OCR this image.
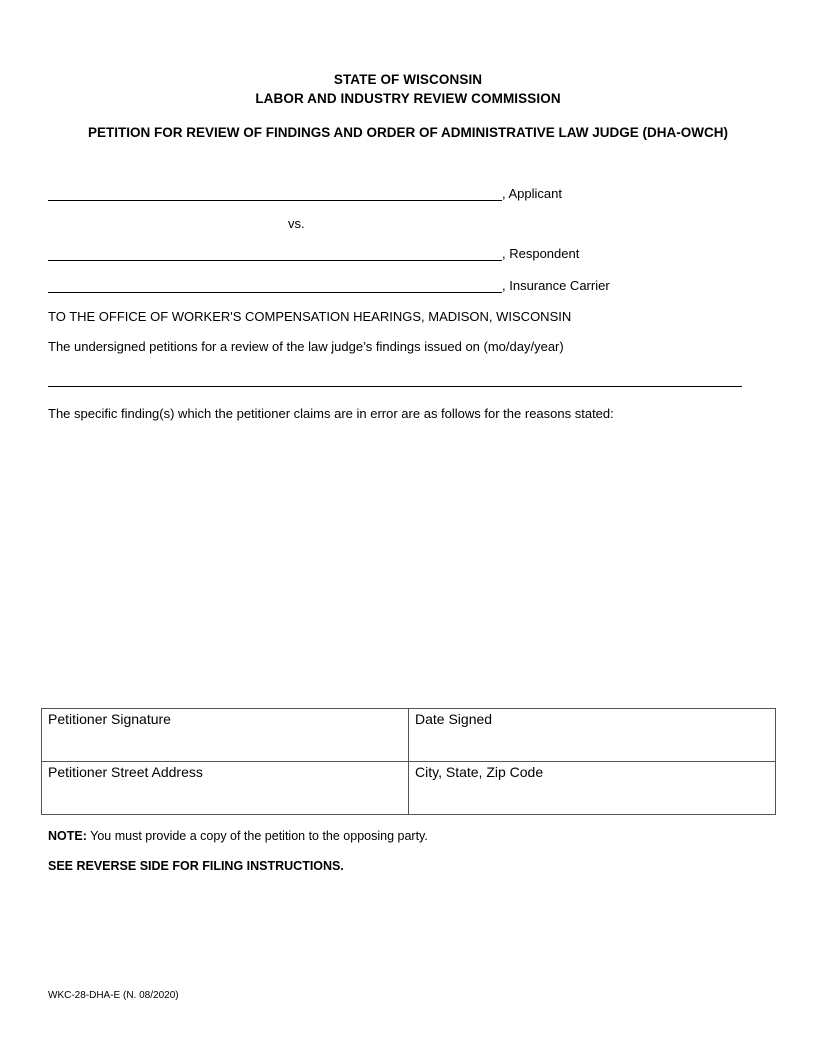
STATE OF WISCONSIN
LABOR AND INDUSTRY REVIEW COMMISSION
PETITION FOR REVIEW OF FINDINGS AND ORDER OF ADMINISTRATIVE LAW JUDGE (DHA-OWCH)
, Applicant
vs.
, Respondent
, Insurance Carrier
TO THE OFFICE OF WORKER'S COMPENSATION HEARINGS, MADISON, WISCONSIN
The undersigned petitions for a review of the law judge’s findings issued on (mo/day/year)
The specific finding(s) which the petitioner claims are in error are as follows for the reasons stated:
Petitioner Signature	Date Signed
Petitioner Street Address	City, State, Zip Code
NOTE: You must provide a copy of the petition to the opposing party.
SEE REVERSE SIDE FOR FILING INSTRUCTIONS.
WKC-28-DHA-E (N. 08/2020)
